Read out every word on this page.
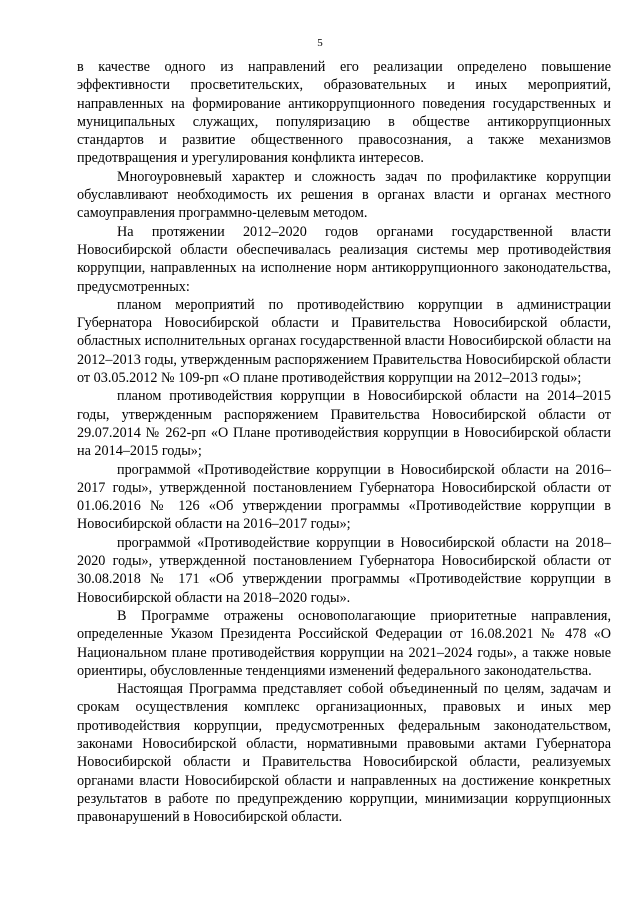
5

в качестве одного из направлений его реализации определено повышение эффективности просветительских, образовательных и иных мероприятий, направленных на формирование антикоррупционного поведения государственных и муниципальных служащих, популяризацию в обществе антикоррупционных стандартов и развитие общественного правосознания, а также механизмов предотвращения и урегулирования конфликта интересов.

Многоуровневый характер и сложность задач по профилактике коррупции обуславливают необходимость их решения в органах власти и органах местного самоуправления программно-целевым методом.

На протяжении 2012–2020 годов органами государственной власти Новосибирской области обеспечивалась реализация системы мер противодействия коррупции, направленных на исполнение норм антикоррупционного законодательства, предусмотренных:

планом мероприятий по противодействию коррупции в администрации Губернатора Новосибирской области и Правительства Новосибирской области, областных исполнительных органах государственной власти Новосибирской области на 2012–2013 годы, утвержденным распоряжением Правительства Новосибирской области от 03.05.2012 № 109-рп «О плане противодействия коррупции на 2012–2013 годы»;

планом противодействия коррупции в Новосибирской области на 2014–2015 годы, утвержденным распоряжением Правительства Новосибирской области от 29.07.2014 № 262-рп «О Плане противодействия коррупции в Новосибирской области на 2014–2015 годы»;

программой «Противодействие коррупции в Новосибирской области на 2016–2017 годы», утвержденной постановлением Губернатора Новосибирской области от 01.06.2016 № 126 «Об утверждении программы «Противодействие коррупции в Новосибирской области на 2016–2017 годы»;

программой «Противодействие коррупции в Новосибирской области на 2018–2020 годы», утвержденной постановлением Губернатора Новосибирской области от 30.08.2018 № 171 «Об утверждении программы «Противодействие коррупции в Новосибирской области на 2018–2020 годы».

В Программе отражены основополагающие приоритетные направления, определенные Указом Президента Российской Федерации от 16.08.2021 № 478 «О Национальном плане противодействия коррупции на 2021–2024 годы», а также новые ориентиры, обусловленные тенденциями изменений федерального законодательства.

Настоящая Программа представляет собой объединенный по целям, задачам и срокам осуществления комплекс организационных, правовых и иных мер противодействия коррупции, предусмотренных федеральным законодательством, законами Новосибирской области, нормативными правовыми актами Губернатора Новосибирской области и Правительства Новосибирской области, реализуемых органами власти Новосибирской области и направленных на достижение конкретных результатов в работе по предупреждению коррупции, минимизации коррупционных правонарушений в Новосибирской области.
